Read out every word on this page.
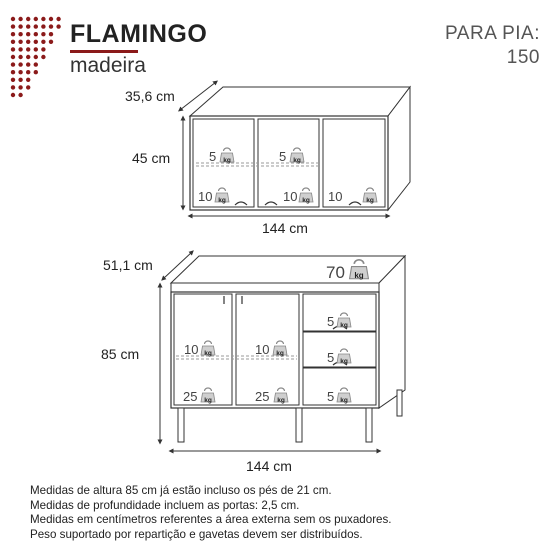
FLAMINGO
madeira
PARA PIA:
150
5 kg	5 kg
10 kg	10 kg 10	kg
35,6 cm
45 cm
144 cm
70 kg
10 kg	10 kg
25 kg	25 kg
5 kg
5 kg
5 kg
51,1 cm
85 cm
144 cm
Medidas de altura 85 cm já estão incluso os pés de 21 cm.
Medidas de profundidade incluem as portas: 2,5 cm.
Medidas em centímetros referentes a área externa sem os puxadores.
Peso suportado por repartição e gavetas devem ser distribuídos.
